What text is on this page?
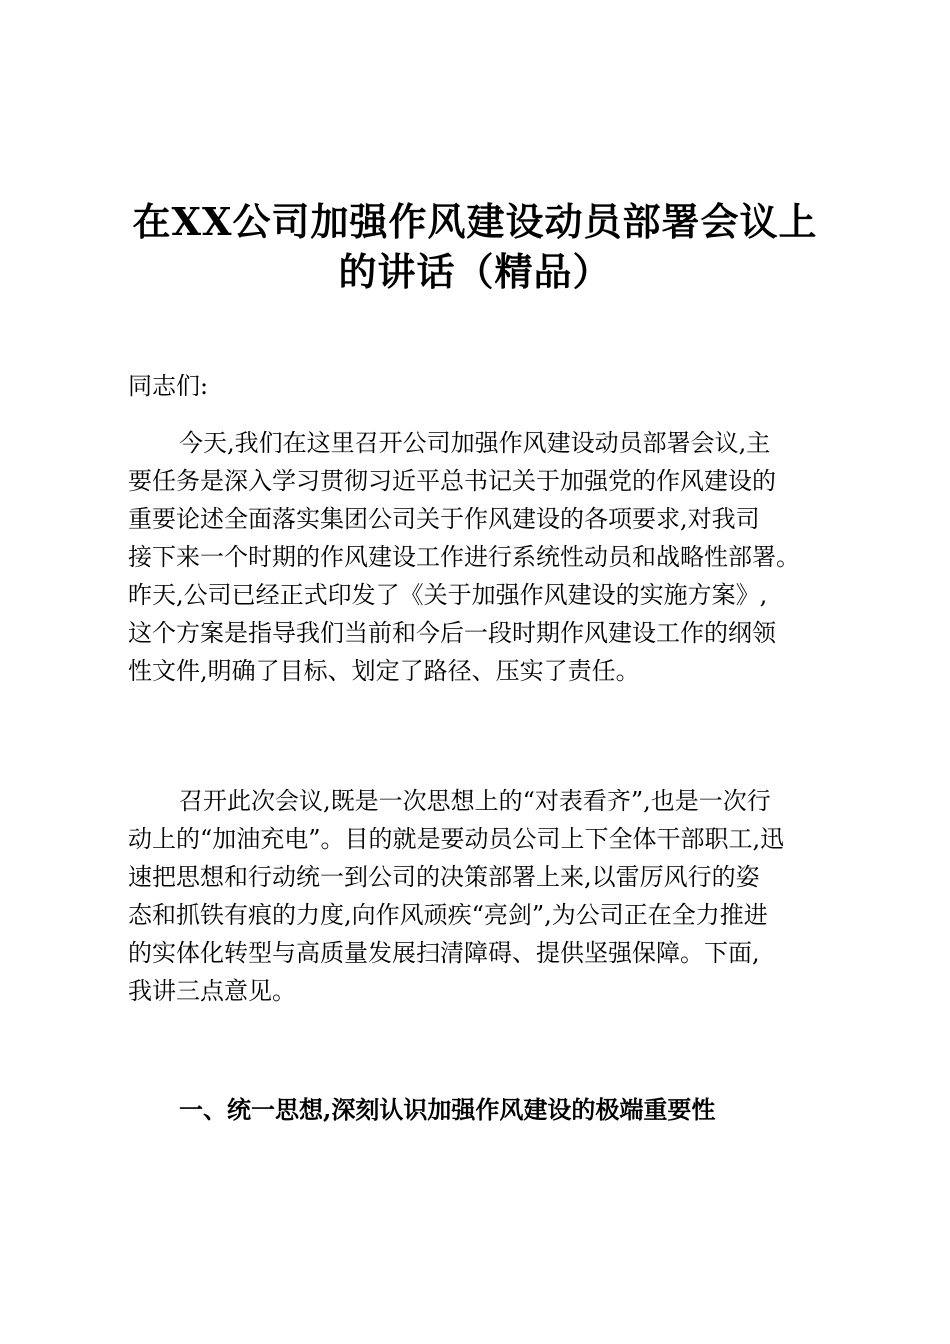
在XX公司加强作风建设动员部署会议上
的讲话（精品）
同志们:
今天,我们在这里召开公司加强作风建设动员部署会议,主
要任务是深入学习贯彻习近平总书记关于加强党的作风建设的
重要论述全面落实集团公司关于作风建设的各项要求,对我司
接下来一个时期的作风建设工作进行系统性动员和战略性部署。
昨天,公司已经正式印发了《关于加强作风建设的实施方案》,
这个方案是指导我们当前和今后一段时期作风建设工作的纲领
性文件,明确了目标、划定了路径、压实了责任。
召开此次会议,既是一次思想上的“对表看齐”,也是一次行
动上的“加油充电”。目的就是要动员公司上下全体干部职工,迅
速把思想和行动统一到公司的决策部署上来,以雷厉风行的姿
态和抓铁有痕的力度,向作风顽疾“亮剑”,为公司正在全力推进
的实体化转型与高质量发展扫清障碍、提供坚强保障。下面,
我讲三点意见。
一、统一思想,深刻认识加强作风建设的极端重要性
